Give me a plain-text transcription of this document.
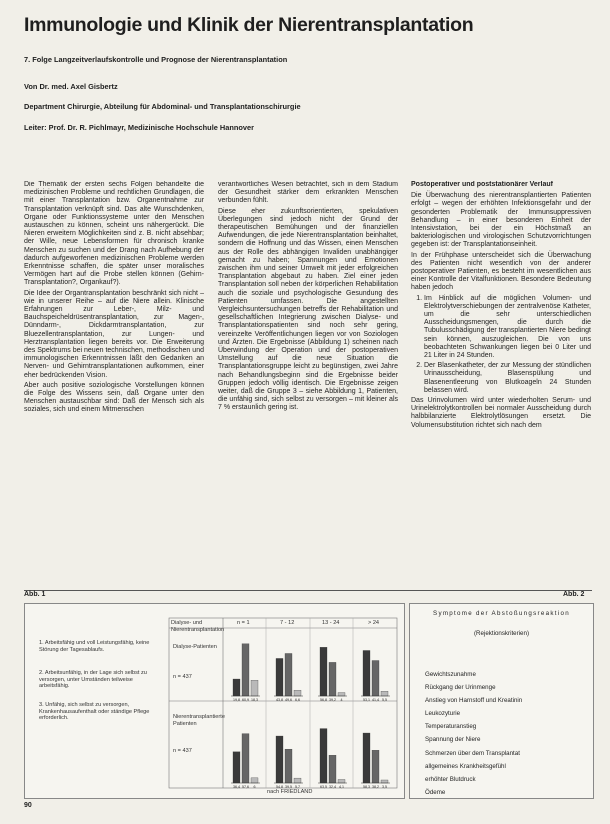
Immunologie und Klinik der Nierentransplantation
7. Folge Langzeitverlaufskontrolle und Prognose der Nierentransplantation
Von Dr. med. Axel Gisbertz
Department Chirurgie, Abteilung für Abdominal- und Transplantationschirurgie
Leiter: Prof. Dr. R. Pichlmayr, Medizinische Hochschule Hannover

Die Thematik der ersten sechs Folgen behandelte die medizinischen Probleme und rechtlichen Grundlagen, die mit einer Transplantation bzw. Organentnahme zur Transplantation verknüpft sind. Das alte Wunschdenken, Organe oder Funktionssysteme unter den Menschen austauschen zu können, scheint uns nähergerückt. Die Nieren erweitern Möglichkeiten sind z. B. nicht absehbar; der Wille, neue Lebensformen für chronisch kranke Menschen zu suchen und der Drang nach Aufhebung der dadurch aufgeworfenen medizinischen Probleme werden Erkenntnisse schaffen, die später unser moralisches Vermögen hart auf die Probe stellen können (Gehirn-Transplantation?, Organkauf?).

Die Idee der Organtransplantation beschränkt sich nicht – wie in unserer Reihe – auf die Niere allein. Klinische Erfahrungen zur Leber-, Milz- und Bauchspeicheldrüsentransplantation, zur Magen-, Dünndarm-, Dickdarmtransplantation, zur Bluezellentransplantation, zur Lungen- und Herztransplantation liegen bereits vor. Die Erweiterung des Spektrums bei neuen technischen, methodischen und immunologischen Erkenntnissen läßt den Gedanken an Nerven- und Gehirntransplantationen aufkommen, einer eher bedrückenden Vision.

Aber auch positive soziologische Vorstellungen können die Folge des Wissens sein, daß Organe unter den Menschen austauschbar sind: Daß der Mensch sich als soziales, sich und einem Mitmenschen

verantwortliches Wesen betrachtet, sich in dem Stadium der Gesundheit stärker dem erkrankten Menschen verbunden fühlt.

Diese eher zukunftsorientierten, spekulativen Überlegungen sind jedoch nicht der Grund der therapeutischen Bemühungen und der finanziellen Aufwendungen, die jede Nierentransplantation beinhaltet, sondern die Hoffnung und das Wissen, einen Menschen aus der Rolle des abhängigen Invaliden unabhängiger gemacht zu haben; Spannungen und Emotionen zwischen ihm und seiner Umwelt mit jeder erfolgreichen Transplantation abgebaut zu haben. Ziel einer jeden Transplantation soll neben der körperlichen Rehabilitation auch die soziale und psychologische Gesundung des Patienten umfassen. Die angestellten Vergleichsuntersuchungen betreffs der Rehabilitation und gesellschaftlichen Integrierung zwischen Dialyse- und Transplantationspatienten sind noch sehr gering, vereinzelte Veröffentlichungen liegen vor von Soziologen und Ärzten. Die Ergebnisse (Abbildung 1) scheinen nach Überwindung der Operation und der postoperativen Umstellung auf die neue Situation die Transplantationsgruppe leicht zu begünstigen, zwei Jahre nach Behandlungsbeginn sind die Ergebnisse beider Gruppen jedoch völlig identisch. Die Ergebnisse zeigen weiter, daß die Gruppe 3 – siehe Abbildung 1, Patienten, die unfähig sind, sich selbst zu versorgen – mit kleiner als 7 % erstaunlich gering ist.

Postoperativer und poststationärer Verlauf

Die Überwachung des nierentransplantierten Patienten erfolgt – wegen der erhöhten Infektionsgefahr und der gesonderten Problematik der Immunsuppressiven Behandlung – in einer besonderen Einheit der Intensivstation, bei der ein Höchstmaß an bakteriologischen und virologischen Schutzvorrichtungen gegeben ist: der Transplantationseinheit.

In der Frühphase unterscheidet sich die Überwachung des Patienten nicht wesentlich von der anderer postoperativer Patienten, es besteht im wesentlichen aus einer Kontrolle der Vitalfunktionen. Besondere Bedeutung haben jedoch

1. Im Hinblick auf die möglichen Volumen- und Elektrolytverschiebungen der zentralvenöse Katheter, um die sehr unterschiedlichen Ausscheidungsmengen, die durch die Tubulusschädigung der transplantierten Niere bedingt sein können, auszugleichen. Die von uns beobachteten Schwankungen liegen bei 0 Liter und 21 Liter in 24 Stunden.
2. Der Blasenkatheter, der zur Messung der stündlichen Urinausscheidung, Blasenspülung und Blasenentleerung von Blutkoageln 24 Stunden belassen wird.

Das Urinvolumen wird unter wiederholten Serum- und Urinelektrolytkontrollen bei normaler Ausscheidung durch halbbilanzierte Elektrolytlösungen ersetzt. Die Volumensubstitution richtet sich nach dem

Abb. 1	Abb. 2
19,8 60,9 18,3	43,8 49,6 6,6	56,8 39,2 4	53,1 41,4 5,5
36,4 57,6 6	54,8 39,5 5,7	63,5 32,4 4,1	58,3 38,2 3,5
Dialyse- und Nierentransplantation
n = 1	7 - 12	13 - 24	> 24
Dialyse-Patienten
n = 437
Nierentransplantierte Patienten
n = 437
1. Arbeitsfähig und voll Leistungsfähig, keine Störung der Tagesablaufs.
2. Arbeitsunfähig, in der Lage sich selbst zu versorgen, unter Umständen teilweise arbeitsfähig.
3. Unfähig, sich selbst zu versorgen, Krankenhausaufenthalt oder ständige Pflege erforderlich.
nach FRIEDLAND
Symptome der Abstoßungsreaktion
(Rejektionskriterien)
Gewichtszunahme
Rückgang der Urinmenge
Anstieg von Harnstoff und Kreatinin
Leukozyturie
Temperaturanstieg
Spannung der Niere
Schmerzen über dem Transplantat
allgemeines Krankheitsgefühl
erhöhter Blutdruck
Ödeme
90
